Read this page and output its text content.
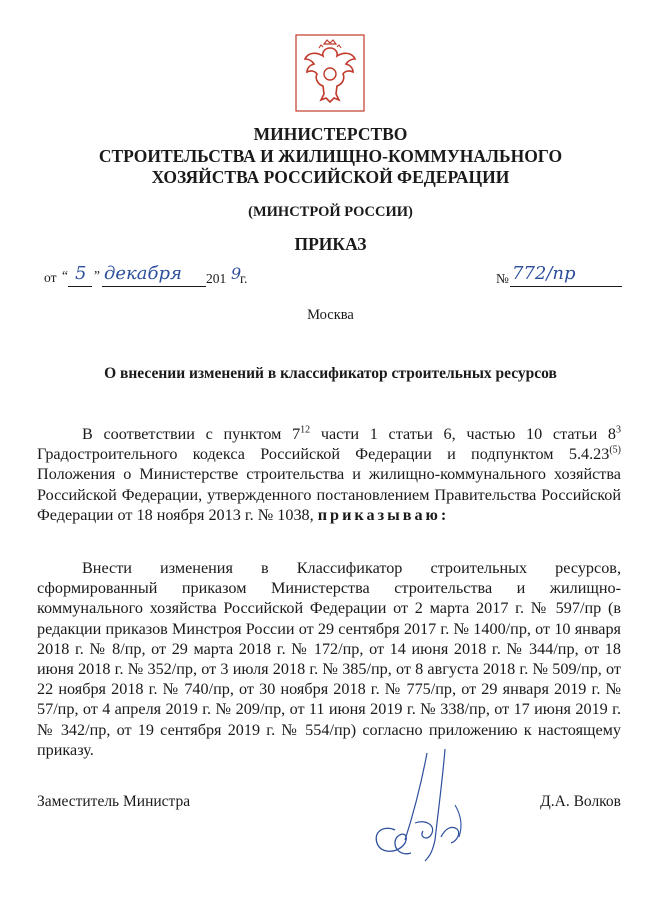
МИНИСТЕРСТВО
СТРОИТЕЛЬСТВА И ЖИЛИЩНО-КОММУНАЛЬНОГО
ХОЗЯЙСТВА РОССИЙСКОЙ ФЕДЕРАЦИИ
(МИНСТРОЙ РОССИИ)
ПРИКАЗ
от “ 5 ” декабря 201 9
г.	№ 772/пр
Москва
О внесении изменений в классификатор строительных ресурсов
В соответствии с пунктом $7^{12}$ части 1 статьи 6, частью 10 статьи $8^3$ Градостроительного кодекса Российской Федерации и подпунктом 5.4.23$^{(5)}$ Положения о Министерстве строительства и жилищно-коммунального хозяйства Российской Федерации, утвержденного постановлением Правительства Российской Федерации от 18 ноября 2013 г. № 1038, приказываю:
Внести изменения в Классификатор строительных ресурсов, сформированный приказом Министерства строительства и жилищно-коммунального хозяйства Российской Федерации от 2 марта 2017 г. № 597/пр (в редакции приказов Минстроя России от 29 сентября 2017 г. № 1400/пр, от 10 января 2018 г. № 8/пр, от 29 марта 2018 г. № 172/пр, от 14 июня 2018 г. № 344/пр, от 18 июня 2018 г. № 352/пр, от 3 июля 2018 г. № 385/пр, от 8 августа 2018 г. № 509/пр, от 22 ноября 2018 г. № 740/пр, от 30 ноября 2018 г. № 775/пр, от 29 января 2019 г. № 57/пр, от 4 апреля 2019 г. № 209/пр, от 11 июня 2019 г. № 338/пр, от 17 июня 2019 г. № 342/пр, от 19 сентября 2019 г. № 554/пр) согласно приложению к настоящему приказу.
Заместитель Министра	Д.А. Волков
